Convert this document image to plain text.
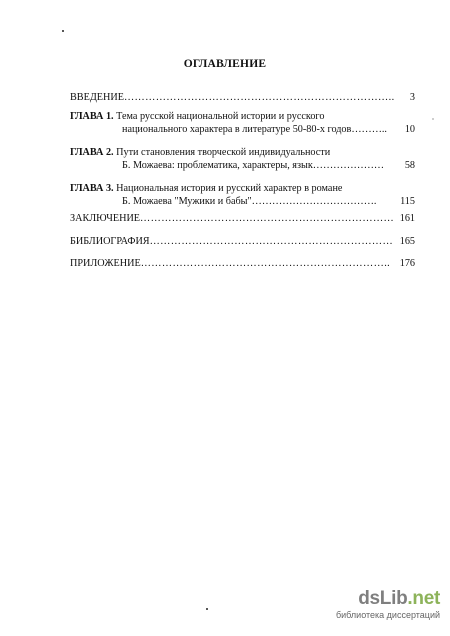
ОГЛАВЛЕНИЕ
ВВЕДЕНИЕ………………………………………………………………….. 3
ГЛАВА 1. Тема русской национальной истории и русского
национального характера в литературе 50-80-х годов………..	10
ГЛАВА 2. Пути становления творческой индивидуальности
Б. Можаева: проблематика, характеры, язык…………………	58
ГЛАВА 3. Национальная история и русский характер в романе
Б. Можаева "Мужики и бабы"……………………………….	115
ЗАКЛЮЧЕНИЕ……………………………………………………………… 161
БИБЛИОГРАФИЯ…………………………………………………………… 165
ПРИЛОЖЕНИЕ…………………………………………………………….. 176
dsLib.net
библиотека диссертаций
